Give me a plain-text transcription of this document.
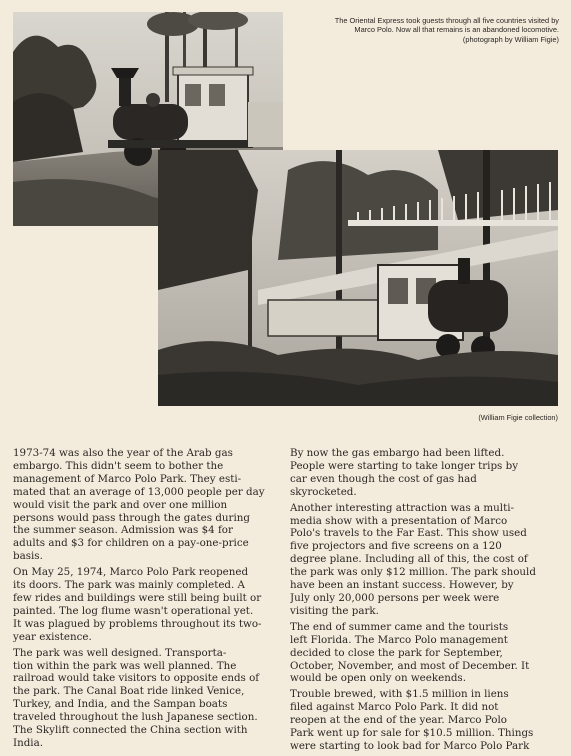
The Oriental Express took guests through all five countries visited by
Marco Polo. Now all that remains is an abandoned locomotive.
(photograph by William Figie)
(William Figie collection)

1973-74 was also the year of the Arab gas
embargo. This didn't seem to bother the
management of Marco Polo Park. They esti-
mated that an average of 13,000 people per day
would visit the park and over one million
persons would pass through the gates during
the summer season. Admission was $4 for
adults and $3 for children on a pay-one-price
basis.

On May 25, 1974, Marco Polo Park reopened
its doors. The park was mainly completed. A
few rides and buildings were still being built or
painted. The log flume wasn't operational yet.
It was plagued by problems throughout its two-
year existence.

The park was well designed. Transporta-
tion within the park was well planned. The
railroad would take visitors to opposite ends of
the park. The Canal Boat ride linked Venice,
Turkey, and India, and the Sampan boats
traveled throughout the lush Japanese section.
The Skylift connected the China section with
India.

By now the gas embargo had been lifted.
People were starting to take longer trips by
car even though the cost of gas had
skyrocketed.

Another interesting attraction was a multi-
media show with a presentation of Marco
Polo's travels to the Far East. This show used
five projectors and five screens on a 120
degree plane. Including all of this, the cost of
the park was only $12 million. The park should
have been an instant success. However, by
July only 20,000 persons per week were
visiting the park.

The end of summer came and the tourists
left Florida. The Marco Polo management
decided to close the park for September,
October, November, and most of December. It
would be open only on weekends.

Trouble brewed, with $1.5 million in liens
filed against Marco Polo Park. It did not
reopen at the end of the year. Marco Polo
Park went up for sale for $10.5 million. Things
were starting to look bad for Marco Polo Park
